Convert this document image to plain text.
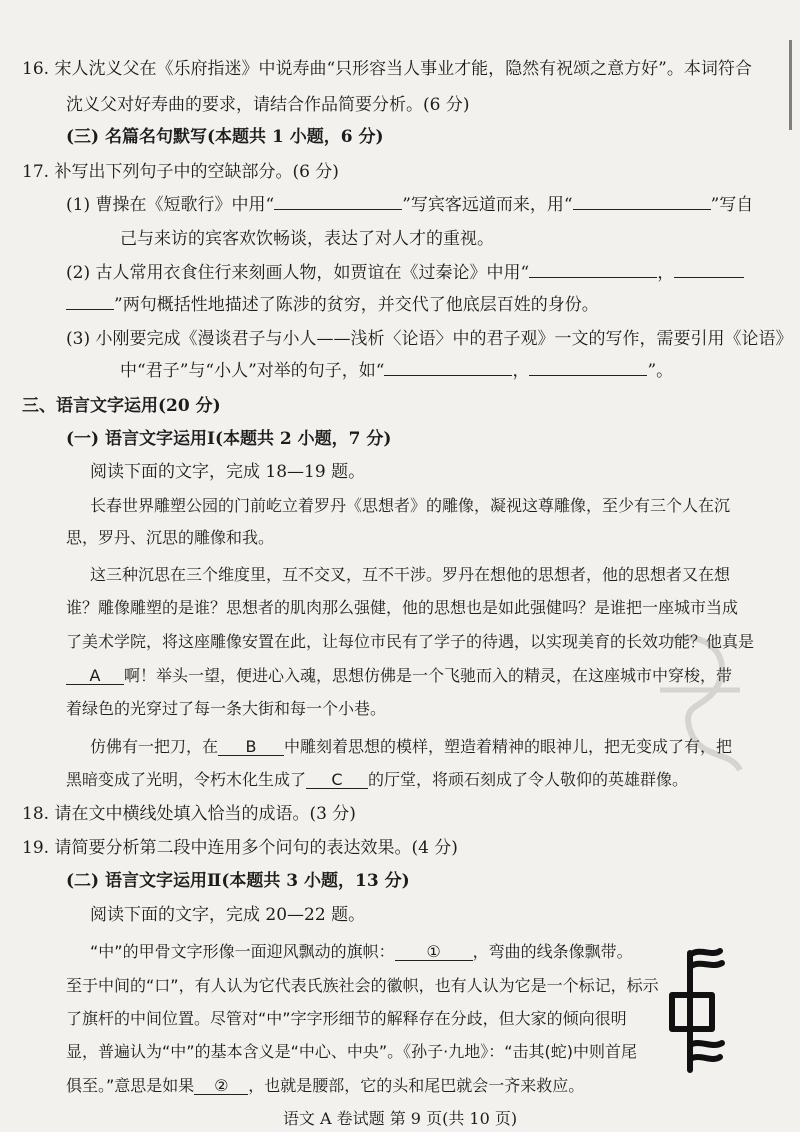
16. 宋人沈义父在《乐府指迷》中说寿曲“只形容当人事业才能，隐然有祝颂之意方好”。本词符合
沈义父对好寿曲的要求，请结合作品简要分析。(6 分)
(三) 名篇名句默写(本题共 1 小题，6 分)
17. 补写出下列句子中的空缺部分。(6 分)
(1) 曹操在《短歌行》中用“	”写宾客远道而来，用“	”写自
己与来访的宾客欢饮畅谈，表达了对人才的重视。
(2) 古人常用衣食住行来刻画人物，如贾谊在《过秦论》中用“	，
”两句概括性地描述了陈涉的贫穷，并交代了他底层百姓的身份。
(3) 小刚要完成《漫谈君子与小人——浅析〈论语〉中的君子观》一文的写作，需要引用《论语》
中“君子”与“小人”对举的句子，如“	，	”。
三、语言文字运用(20 分)
(一) 语言文字运用Ⅰ(本题共 2 小题，7 分)
阅读下面的文字，完成 18—19 题。
长春世界雕塑公园的门前屹立着罗丹《思想者》的雕像，凝视这尊雕像，至少有三个人在沉
思，罗丹、沉思的雕像和我。
这三种沉思在三个维度里，互不交叉，互不干涉。罗丹在想他的思想者，他的思想者又在想
谁？雕像雕塑的是谁？思想者的肌肉那么强健，他的思想也是如此强健吗？是谁把一座城市当成
了美术学院，将这座雕像安置在此，让每位市民有了学子的待遇，以实现美育的长效功能？他真是
A 啊！举头一望，便进心入魂，思想仿佛是一个飞驰而入的精灵，在这座城市中穿梭，带
着绿色的光穿过了每一条大街和每一个小巷。
仿佛有一把刀，在 B 中雕刻着思想的模样，塑造着精神的眼神儿，把无变成了有，把
黑暗变成了光明，令朽木化生成了 C 的厅堂，将顽石刻成了令人敬仰的英雄群像。
18. 请在文中横线处填入恰当的成语。(3 分)
19. 请简要分析第二段中连用多个问句的表达效果。(4 分)
(二) 语言文字运用Ⅱ(本题共 3 小题，13 分)
阅读下面的文字，完成 20—22 题。
“中”的甲骨文字形像一面迎风飘动的旗帜： ① ，弯曲的线条像飘带。
至于中间的“口”，有人认为它代表氏族社会的徽帜，也有人认为它是一个标记，标示
了旗杆的中间位置。尽管对“中”字字形细节的解释存在分歧，但大家的倾向很明
显，普遍认为“中”的基本含义是“中心、中央”。《孙子·九地》：“击其(蛇)中则首尾
俱至。”意思是如果 ② ，也就是腰部，它的头和尾巴就会一齐来救应。
语文 A 卷试题 第 9 页(共 10 页)
